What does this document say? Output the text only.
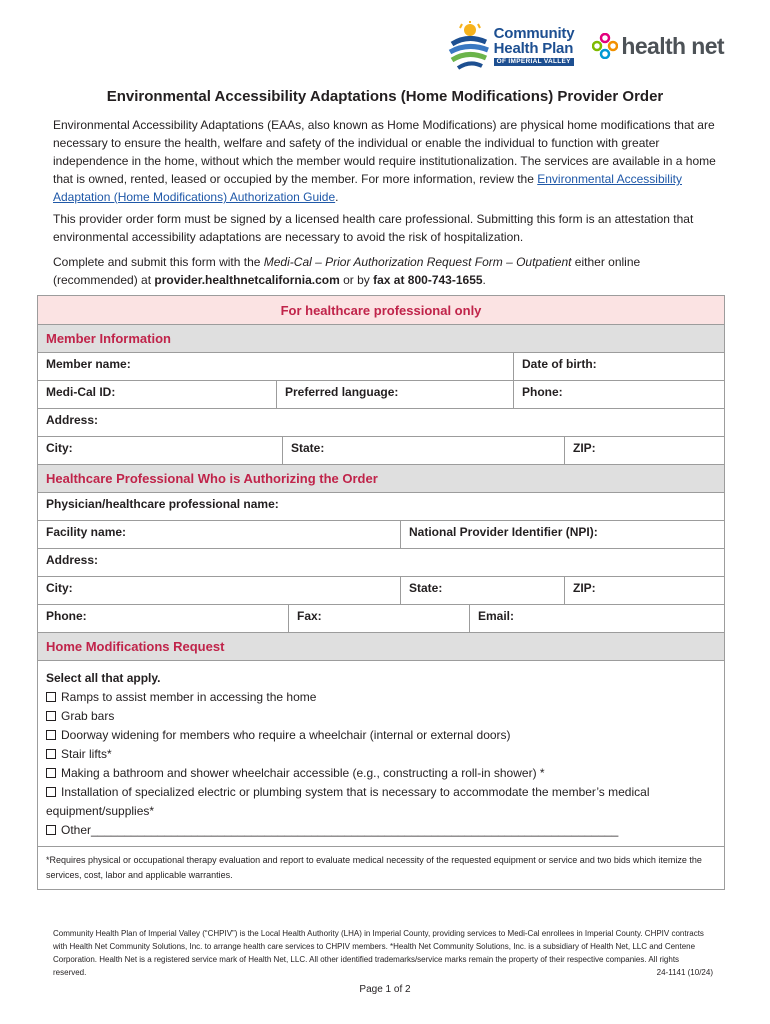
Community
Health Plan
OF IMPERIAL VALLEY
health net
Environmental Accessibility Adaptations (Home Modifications) Provider Order
Environmental Accessibility Adaptations (EAAs, also known as Home Modifications) are physical home modifications that are necessary to ensure the health, welfare and safety of the individual or enable the individual to function with greater independence in the home, without which the member would require institutionalization. The services are available in a home that is owned, rented, leased or occupied by the member. For more information, review the Environmental Accessibility Adaptation (Home Modifications) Authorization Guide.
This provider order form must be signed by a licensed health care professional. Submitting this form is an attestation that environmental accessibility adaptations are necessary to avoid the risk of hospitalization.
Complete and submit this form with the Medi-Cal – Prior Authorization Request Form – Outpatient either online (recommended) at provider.healthnetcalifornia.com or by fax at 800-743-1655.
For healthcare professional only
Member Information
Member name:	Date of birth:
Medi-Cal ID:	Preferred language:	Phone:
Address:
City:	State:	ZIP:
Healthcare Professional Who is Authorizing the Order
Physician/healthcare professional name:
Facility name:	National Provider Identifier (NPI):
Address:
City:	State:	ZIP:
Phone:	Fax:	Email:
Home Modifications Request
Select all that apply.
Ramps to assist member in accessing the home
Grab bars
Doorway widening for members who require a wheelchair (internal or external doors)
Stair lifts*
Making a bathroom and shower wheelchair accessible (e.g., constructing a roll-in shower) *
Installation of specialized electric or plumbing system that is necessary to accommodate the member’s medical equipment/supplies*
Other_______________________________________________________________________________
*Requires physical or occupational therapy evaluation and report to evaluate medical necessity of the requested equipment or service and two bids which itemize the services, cost, labor and applicable warranties.
Community Health Plan of Imperial Valley (“CHPIV”) is the Local Health Authority (LHA) in Imperial County, providing services to Medi-Cal enrollees in Imperial County. CHPIV contracts with Health Net Community Solutions, Inc. to arrange health care services to CHPIV members. *Health Net Community Solutions, Inc. is a subsidiary of Health Net, LLC and Centene Corporation. Health Net is a registered service mark of Health Net, LLC. All other identified trademarks/service marks remain the property of their respective companies. All rights reserved.	24-1141 (10/24)
Page 1 of 2
